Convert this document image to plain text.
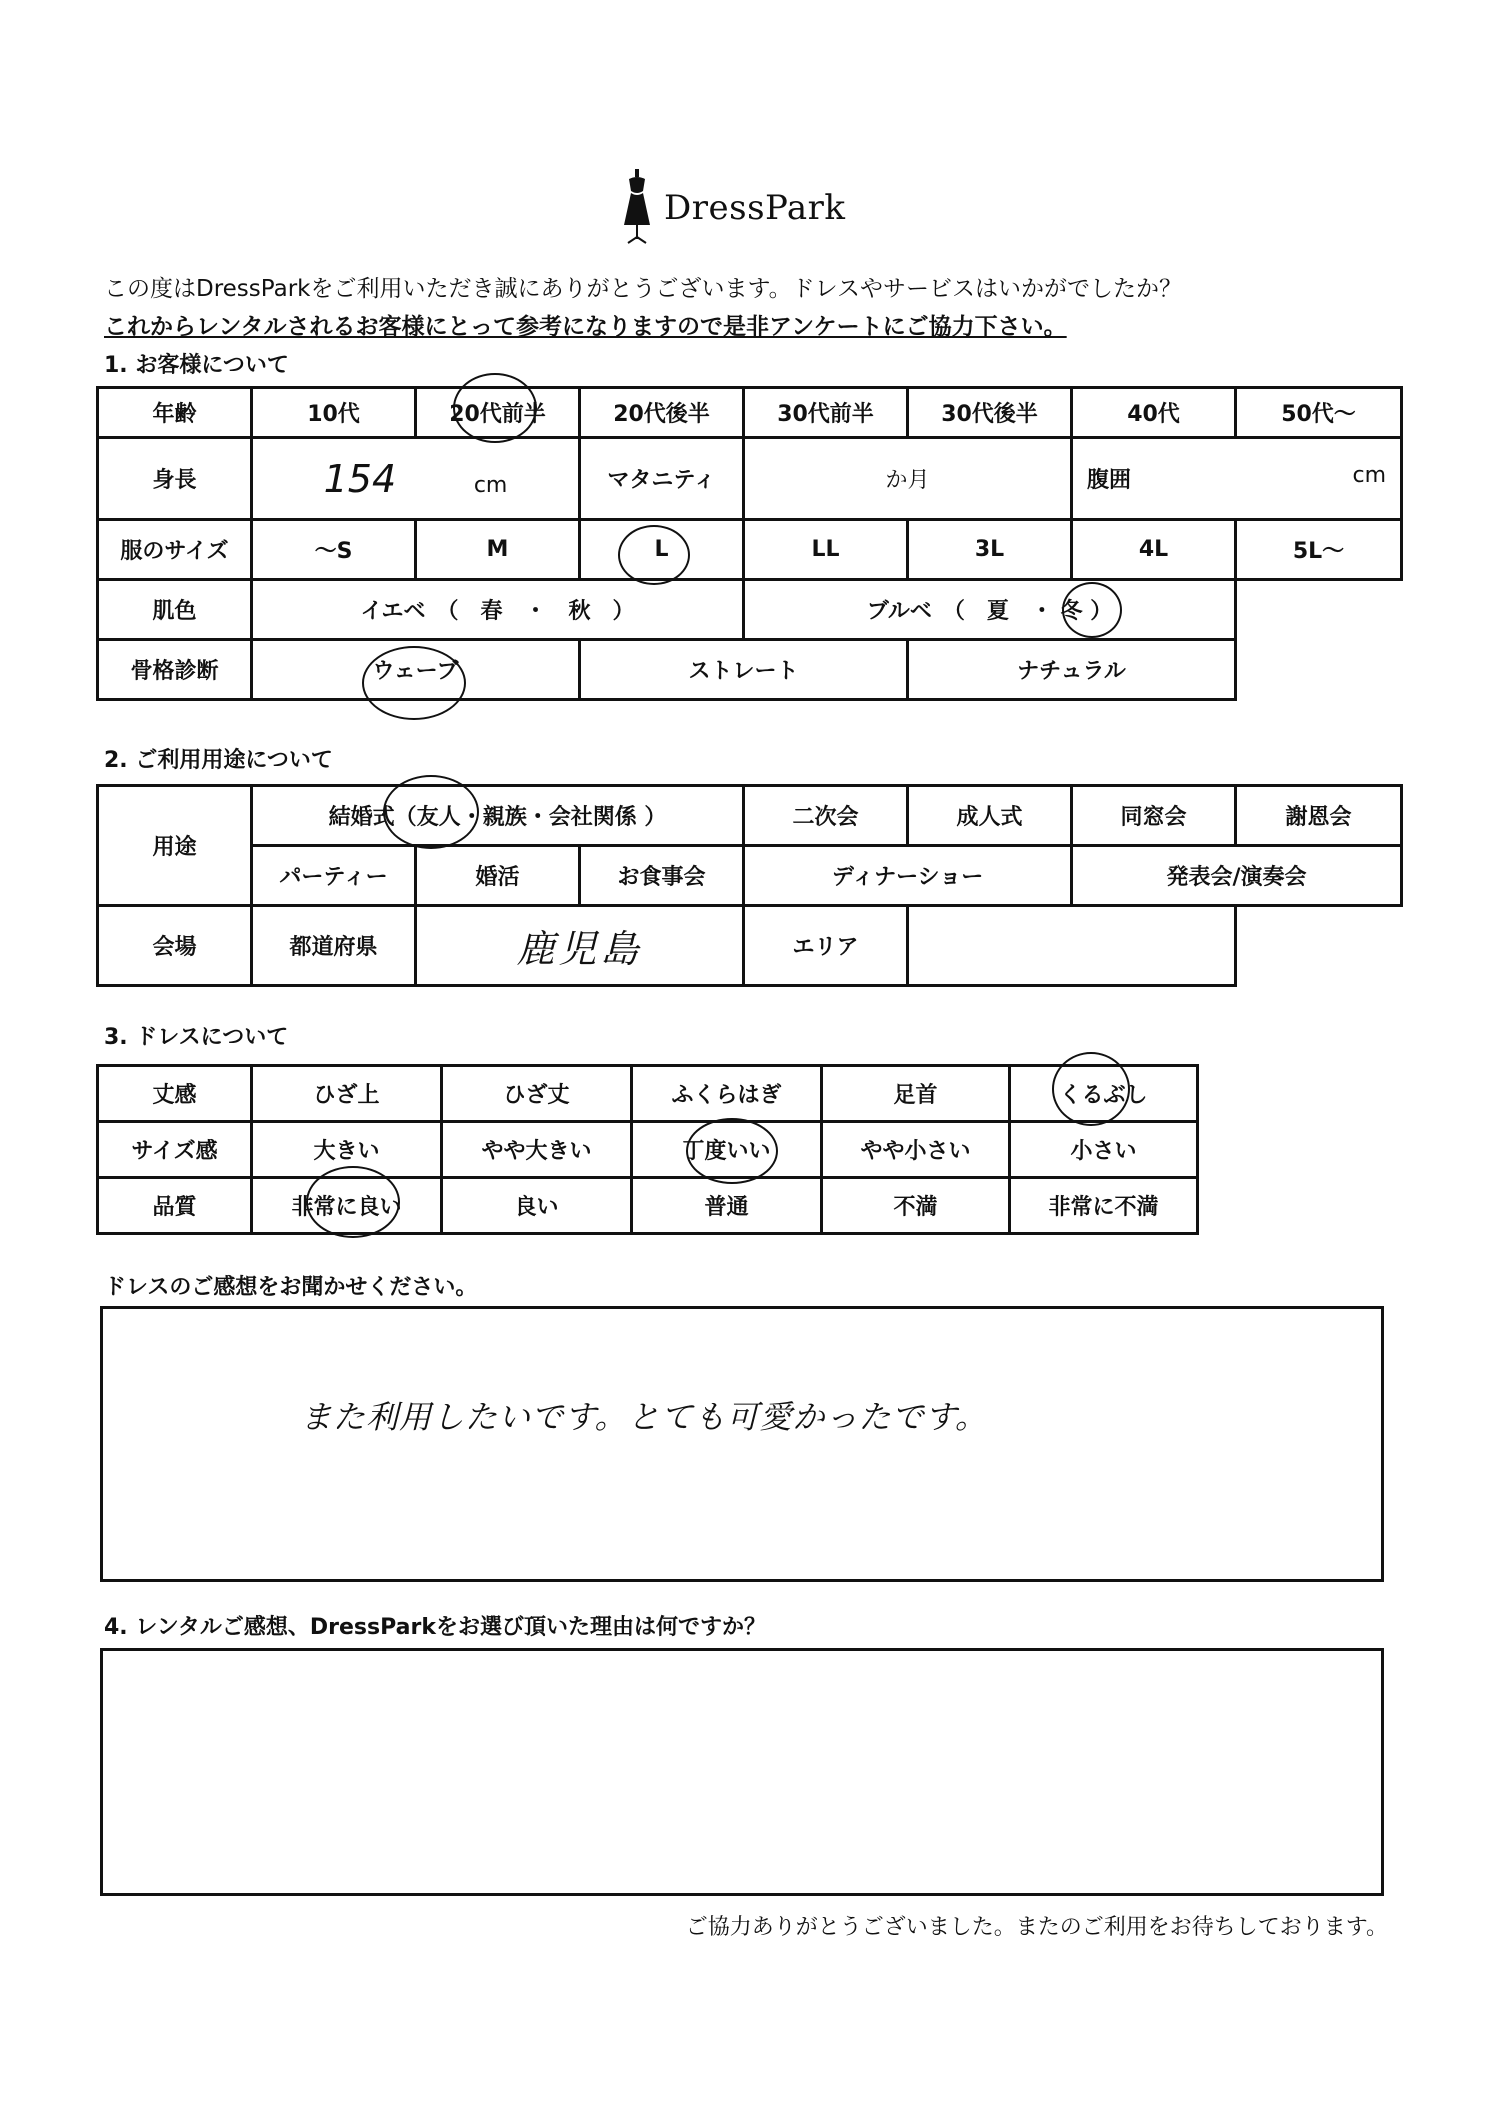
DressPark
この度はDressParkをご利用いただき誠にありがとうございます。ドレスやサービスはいかがでしたか？
これからレンタルされるお客様にとって参考になりますので是非アンケートにご協力下さい。
1. お客様について
年齢	10代	20代前半	20代後半	30代前半	30代後半	40代	50代～
身長	154 cm		マタニティ	か月		腹囲 cm	

服のサイズ	～S	M	L	LL	3L	4L	5L～
肌色	イエベ　（　春　・　秋　）			ブルベ　（　夏　・ 冬 ）			
骨格診断	ウェーブ		ストレート		ナチュラル		
2. ご利用用途について
用途	結婚式（友人・親族・会社関係 ）			二次会	成人式	同窓会	謝恩会
	パーティー	婚活	お食事会	ディナーショー		発表会/演奏会	
会場	都道府県	鹿児島		エリア			
3. ドレスについて
丈感	ひざ上	ひざ丈	ふくらはぎ	足首	くるぶし
サイズ感	大きい	やや大きい	丁度いい	やや小さい	小さい
品質	非常に良い	良い	普通	不満	非常に不満
ドレスのご感想をお聞かせください。
また利用したいです。とても可愛かったです。
4. レンタルご感想、DressParkをお選び頂いた理由は何ですか？
ご協力ありがとうございました。またのご利用をお待ちしております。
